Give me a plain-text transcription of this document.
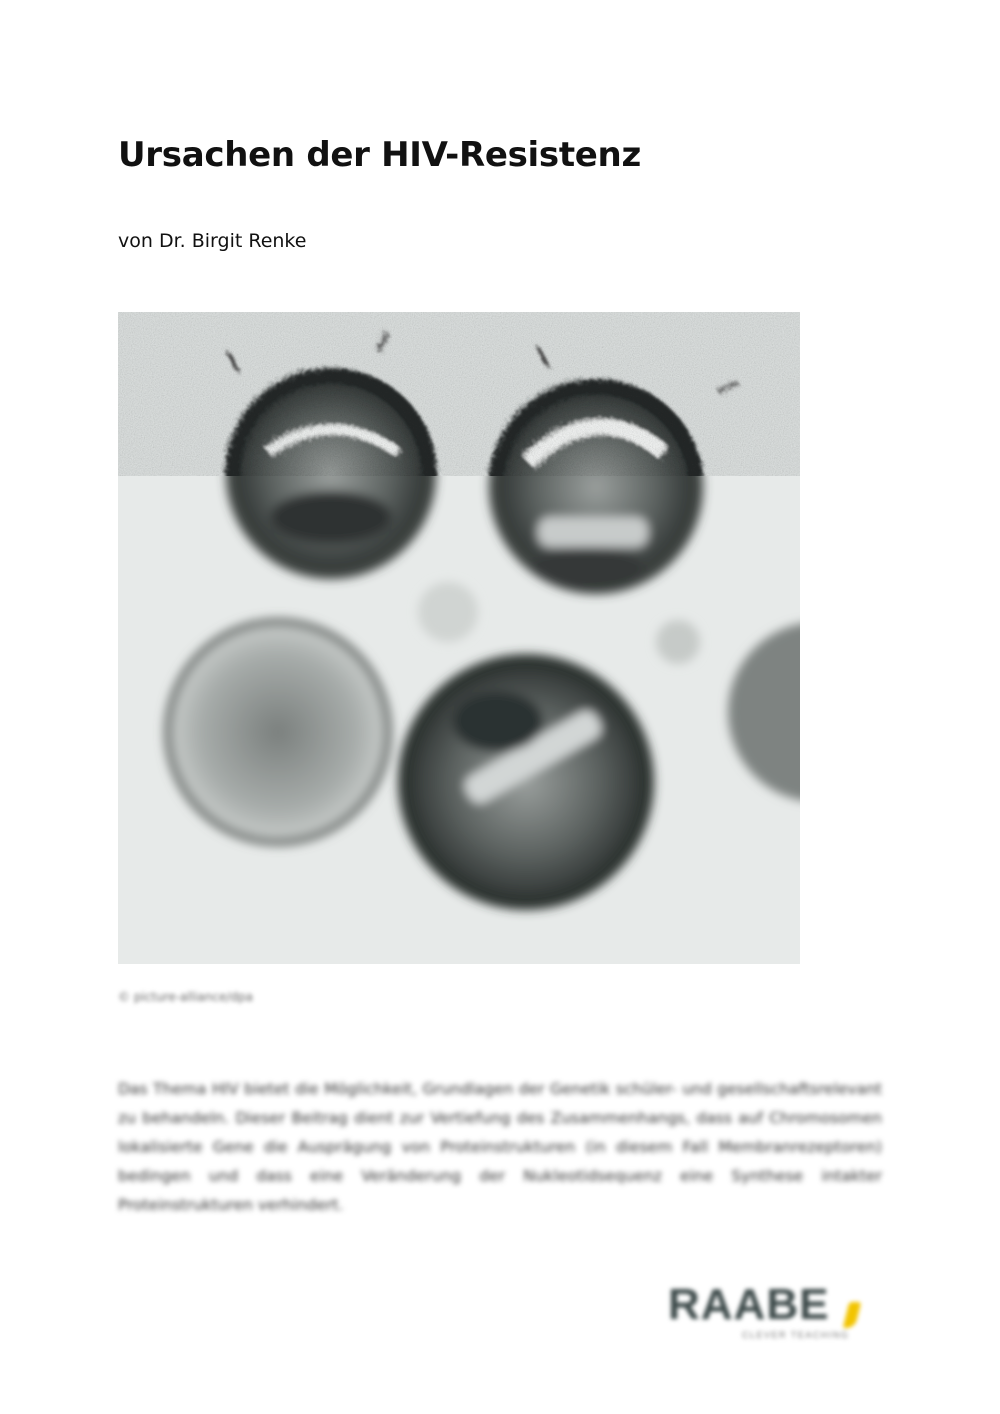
Ursachen der HIV-Resistenz

von Dr. Birgit Renke

© picture-alliance/dpa

Das Thema HIV bietet die Möglichkeit, Grundlagen der Genetik schüler- und gesellschaftsrelevant zu behandeln. Dieser Beitrag dient zur Vertiefung des Zusammenhangs, dass auf Chromosomen lokalisierte Gene die Ausprägung von Proteinstrukturen (in diesem Fall Membranrezeptoren) bedingen und dass eine Veränderung der Nukleotidsequenz eine Synthese intakter Proteinstrukturen verhindert.

RAABE
CLEVER TEACHING
